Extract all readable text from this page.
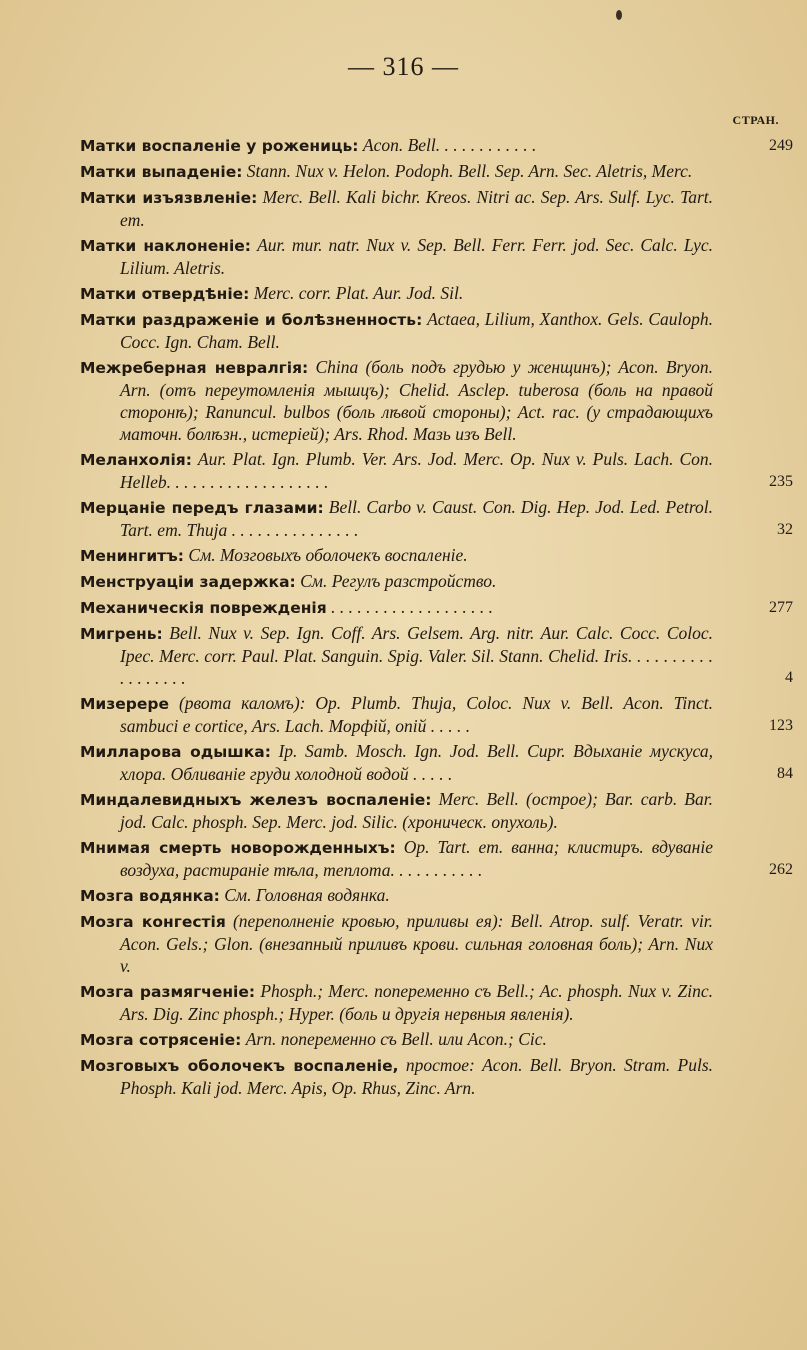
— 316 —
СТРАН.
Матки воспаленіе у рожениць: Acon. Bell. . . . . . . . . . . .	249
Матки выпаденіе: Stann. Nux v. Helon. Podoph. Bell. Sep. Arn. Sec. Aletris, Merc.
Матки изъязвленіе: Merc. Bell. Kali bichr. Kreos. Nitri ac. Sep. Ars. Sulf. Lyc. Tart. em.
Матки наклоненіе: Aur. mur. natr. Nux v. Sep. Bell. Ferr. Ferr. jod. Sec. Calc. Lyc. Lilium. Aletris.
Матки отвердѣніе: Merc. corr. Plat. Aur. Jod. Sil.
Матки раздраженіе и болѣзненность: Actaea, Lilium, Xanthox. Gels. Cauloph. Cocc. Ign. Cham. Bell.
Межреберная невралгія: China (боль подъ грудью у женщинъ); Acon. Bryon. Arn. (отъ переутомленія мышцъ); Chelid. Asclep. tuberosa (боль на правой сторонѣ); Ranuncul. bulbos (боль лѣвой стороны); Act. rac. (у страдающихъ маточн. болѣзн., истеріей); Ars. Rhod. Мазь изъ Bell.
Меланхолія: Aur. Plat. Ign. Plumb. Ver. Ars. Jod. Merc. Op. Nux v. Puls. Lach. Con. Helleb. . . . . . . . . . . . . . . . . . .	235
Мерцаніе передъ глазами: Bell. Carbo v. Caust. Con. Dig. Hep. Jod. Led. Petrol. Tart. em. Thuja . . . . . . . . . . . . . . .	32
Менингитъ: См. Мозговыхъ оболочекъ воспаленіе.
Менструаціи задержка: См. Регулъ разстройство.
Механическія поврежденія . . . . . . . . . . . . . . . . . . .	277
Мигрень: Bell. Nux v. Sep. Ign. Coff. Ars. Gelsem. Arg. nitr. Aur. Calc. Cocc. Coloc. Ipec. Merc. corr. Paul. Plat. Sanguin. Spig. Valer. Sil. Stann. Chelid. Iris. . . . . . . . . . . . . . . . . .	4
Мизерере (рвота каломъ): Op. Plumb. Thuja, Coloc. Nux v. Bell. Acon. Tinct. sambuci e cortice, Ars. Lach. Морфій, опій . . . . .	123
Милларова одышка: Ip. Samb. Mosch. Ign. Jod. Bell. Cupr. Вдыханіе мускуса, хлора. Обливаніе груди холодной водой . . . . .	84
Миндалевидныхъ железъ воспаленіе: Merc. Bell. (острое); Bar. carb. Bar. jod. Calc. phosph. Sep. Merc. jod. Silic. (хроническ. опухоль).
Мнимая смерть новорожденныхъ: Op. Tart. em. ванна; клистиръ. вдуваніе воздуха, растираніе тѣла, теплота. . . . . . . . . . .	262
Мозга водянка: См. Головная водянка.
Мозга конгестія (переполненіе кровью, приливы ея): Bell. Atrop. sulf. Veratr. vir. Acon. Gels.; Glon. (внезапный приливъ крови. сильная головная боль); Arn. Nux v.
Мозга размягченіе: Phosph.; Merc. попеременно съ Bell.; Ac. phosph. Nux v. Zinc. Ars. Dig. Zinc phosph.; Hyper. (боль и другія нервныя явленія).
Мозга сотрясеніе: Arn. попеременно съ Bell. или Acon.; Cic.
Мозговыхъ оболочекъ воспаленіе, простое: Acon. Bell. Bryon. Stram. Puls. Phosph. Kali jod. Merc. Apis, Op. Rhus, Zinc. Arn.
